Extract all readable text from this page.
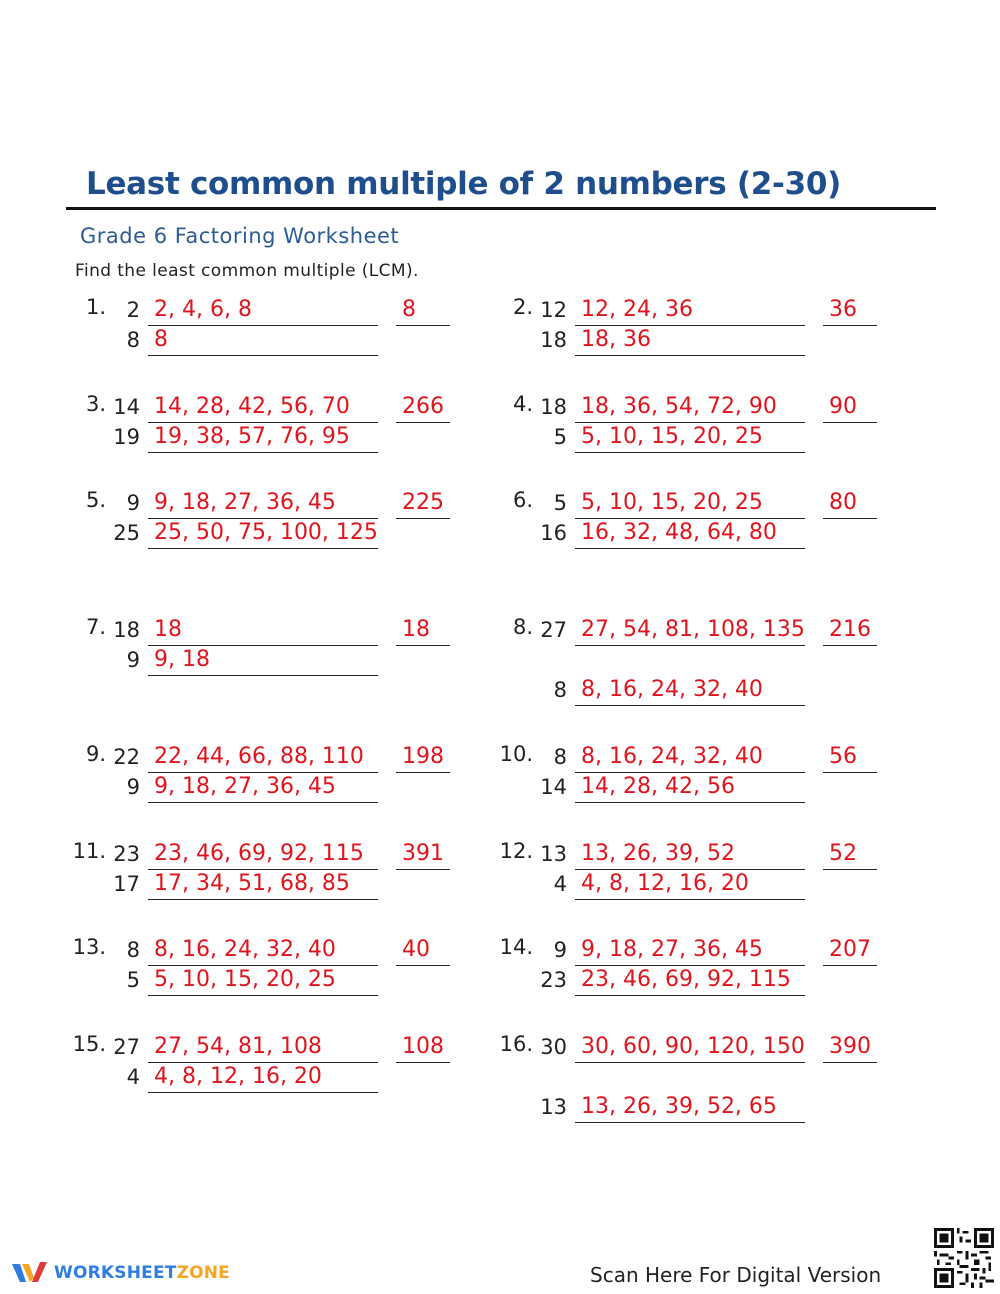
Least common multiple of 2 numbers (2-30)
Grade 6 Factoring Worksheet
Find the least common multiple (LCM).
1. 2 2, 4, 6, 8
8 8
8	2. 12 12, 24, 36
18 18, 36
36
3. 14 14, 28, 42, 56, 70
19 19, 38, 57, 76, 95
266	4. 18 18, 36, 54, 72, 90
5 5, 10, 15, 20, 25
90
5. 9 9, 18, 27, 36, 45
25 25, 50, 75, 100, 125
225	6. 5 5, 10, 15, 20, 25
16 16, 32, 48, 64, 80
80
7. 18 18
9 9, 18
18	8. 27 27, 54, 81, 108, 135
8 8, 16, 24, 32, 40
216
9. 22 22, 44, 66, 88, 110
9 9, 18, 27, 36, 45
198	10. 8 8, 16, 24, 32, 40
14 14, 28, 42, 56
56
11. 23 23, 46, 69, 92, 115
17 17, 34, 51, 68, 85
391	12. 13 13, 26, 39, 52
4 4, 8, 12, 16, 20
52
13. 8 8, 16, 24, 32, 40
5 5, 10, 15, 20, 25
40	14. 9 9, 18, 27, 36, 45
23 23, 46, 69, 92, 115
207
15. 27 27, 54, 81, 108
4 4, 8, 12, 16, 20
108	16. 30 30, 60, 90, 120, 150
13 13, 26, 39, 52, 65
390
WORKSHEETZONE	Scan Here For Digital Version
